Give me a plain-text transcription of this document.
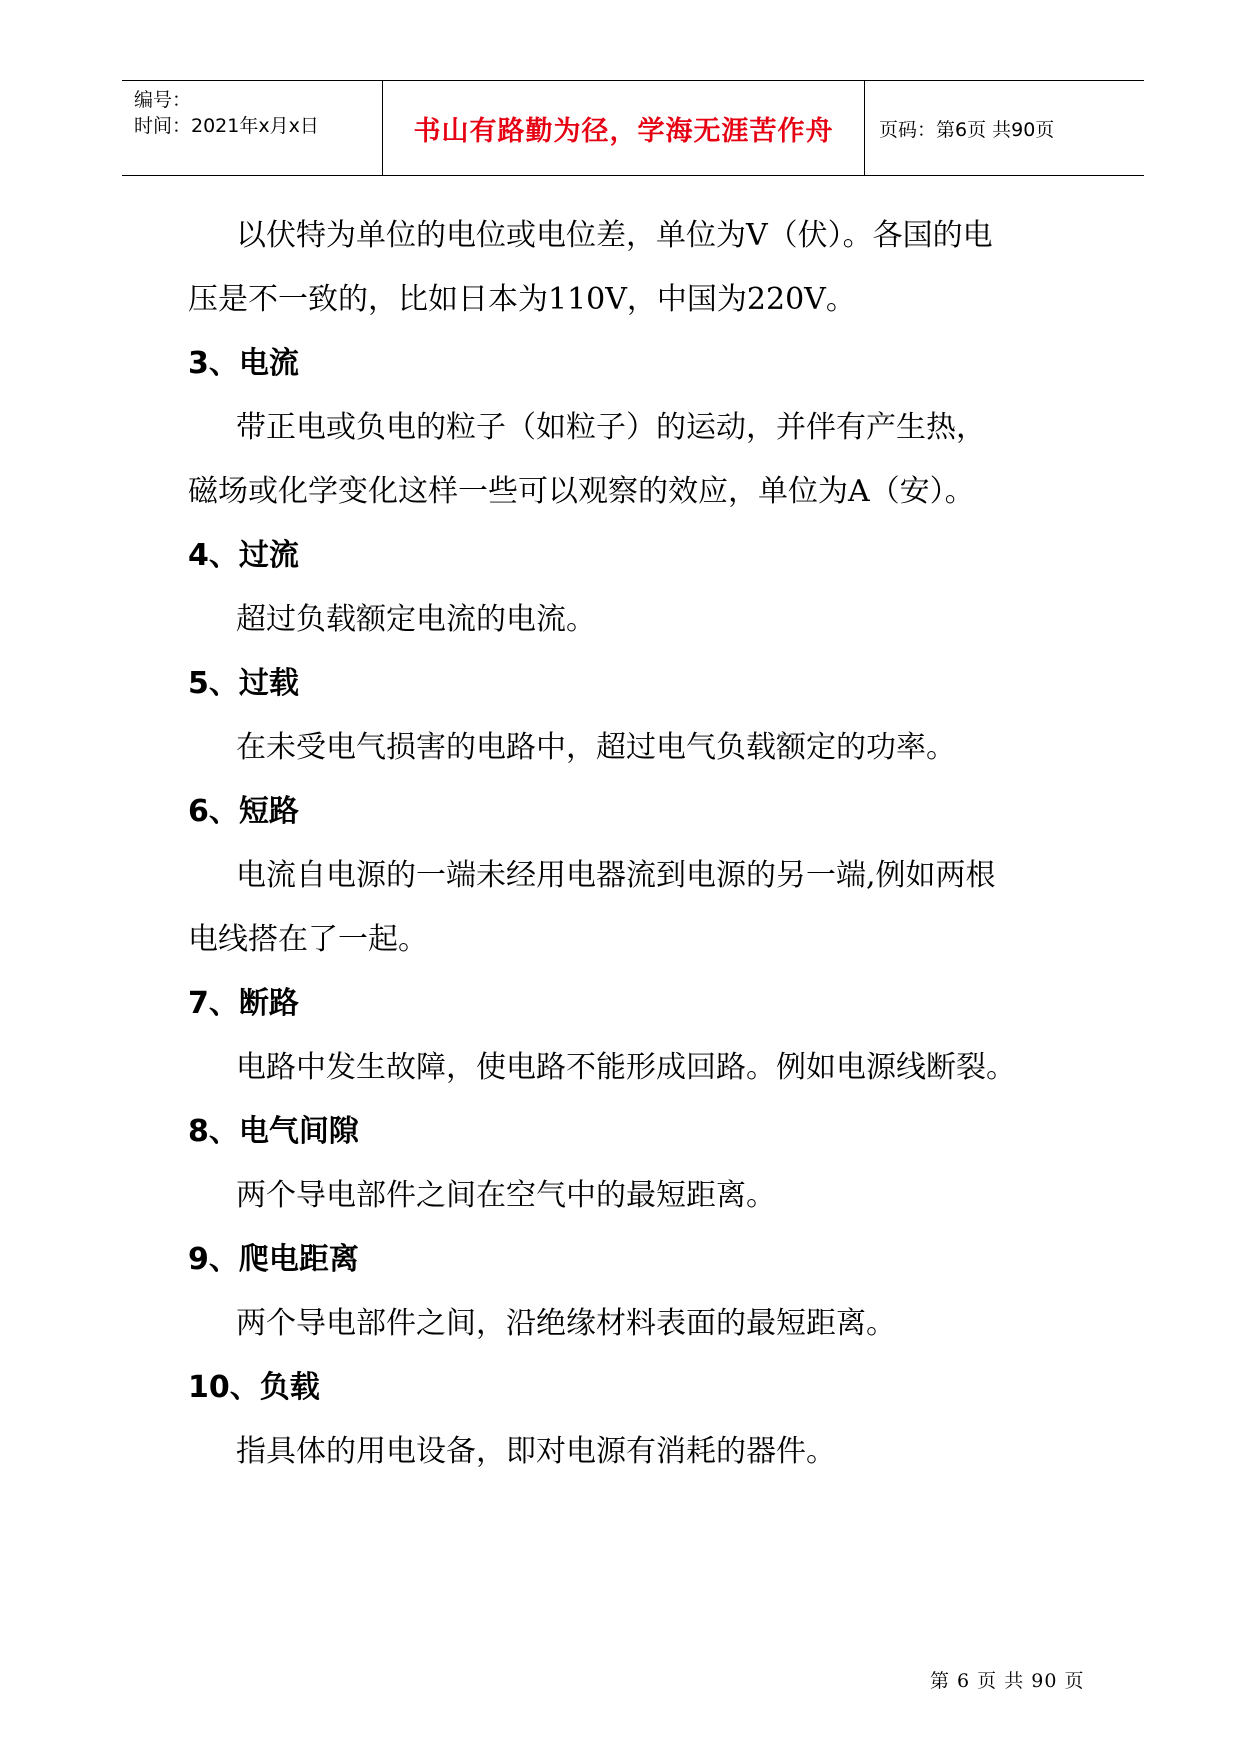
编号：
时间：2021年x月x日	书山有路勤为径，学海无涯苦作舟	页码：第6页 共90页

以伏特为单位的电位或电位差，单位为V（伏）。各国的电

压是不一致的，比如日本为110V，中国为220V。

3、电流

带正电或负电的粒子（如粒子）的运动，并伴有产生热，

磁场或化学变化这样一些可以观察的效应，单位为A（安）。

4、过流

超过负载额定电流的电流。

5、过载

在未受电气损害的电路中，超过电气负载额定的功率。

6、短路

电流自电源的一端未经用电器流到电源的另一端,例如两根

电线搭在了一起。

7、断路

电路中发生故障，使电路不能形成回路。例如电源线断裂。

8、电气间隙

两个导电部件之间在空气中的最短距离。

9、爬电距离

两个导电部件之间，沿绝缘材料表面的最短距离。

10、负载

指具体的用电设备，即对电源有消耗的器件。

第 6 页 共 90 页
